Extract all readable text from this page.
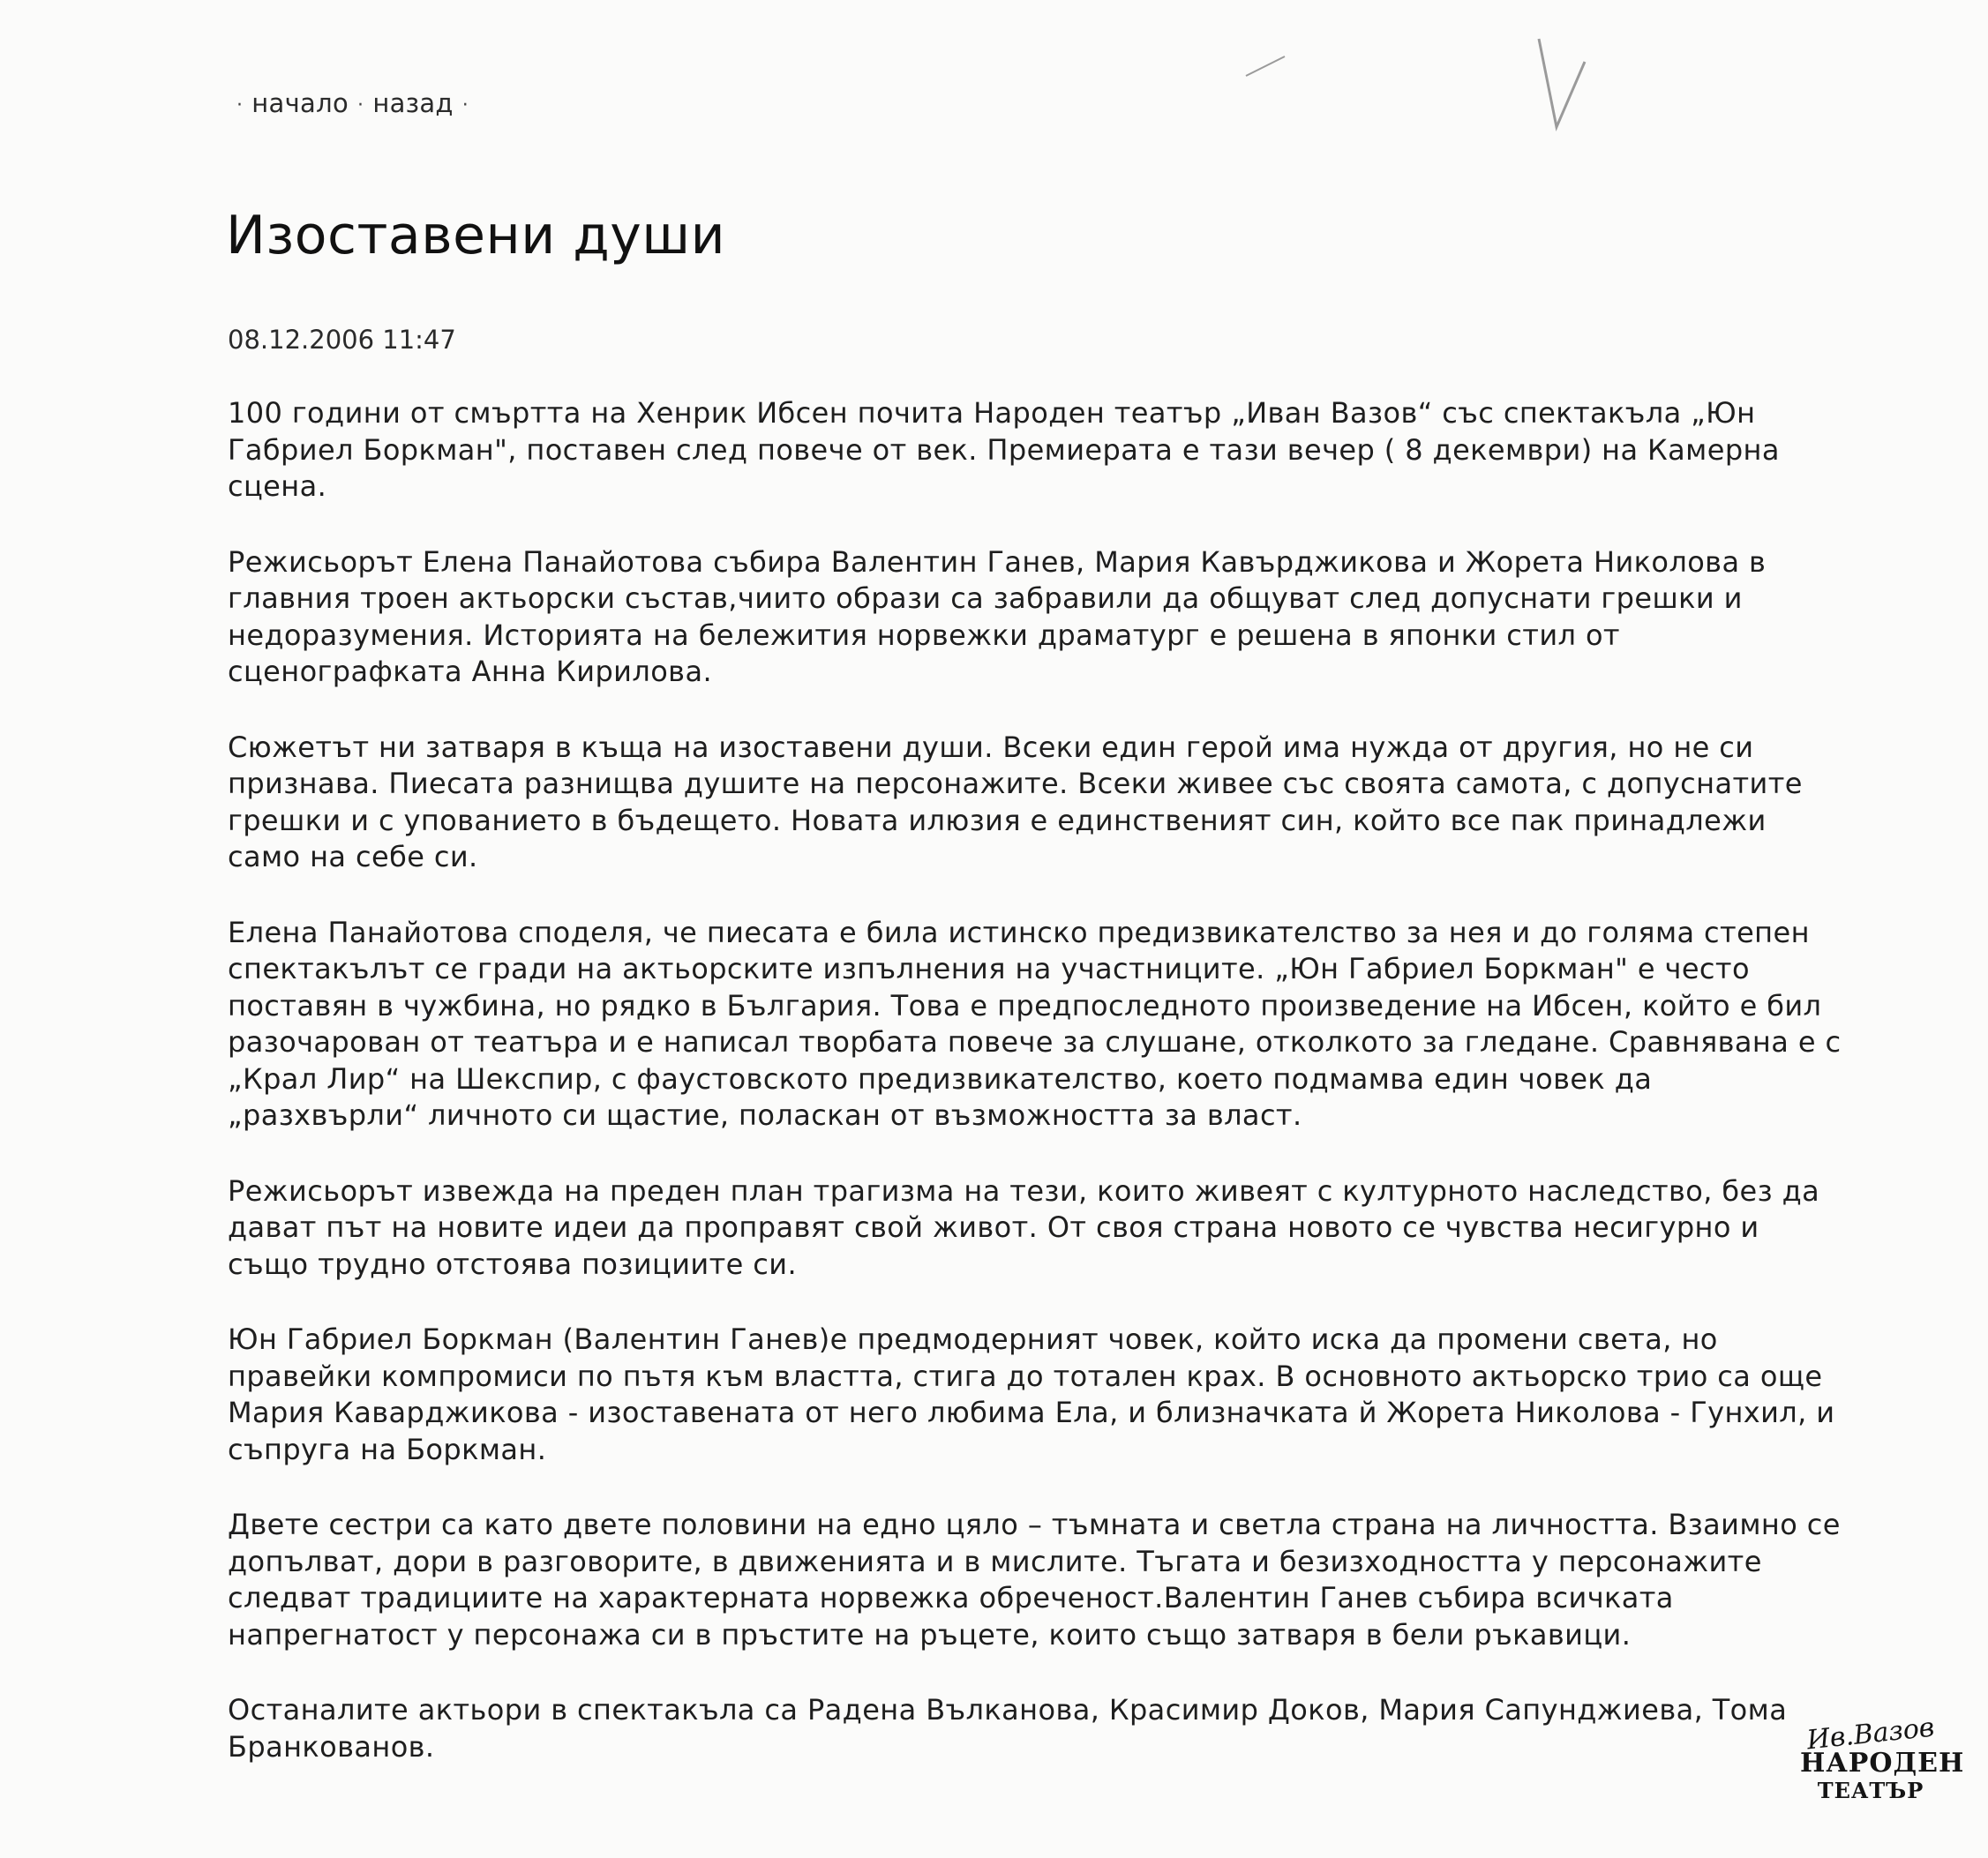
· начало · назад ·
Изоставени души
08.12.2006 11:47

100 години от смъртта на Хенрик Ибсен почита Народен театър „Иван Вазов“ със спектакъла „Юн Габриел Боркман", поставен след повече от век. Премиерата е тази вечер ( 8 декември) на Камерна сцена.

Режисьорът Елена Панайотова събира Валентин Ганев, Мария Кавърджикова и Жорета Николова в главния троен актьорски състав,чиито образи са забравили да общуват след допуснати грешки и недоразумения. Историята на бележития норвежки драматург е решена в японки стил от сценографката Анна Кирилова.

Сюжетът ни затваря в къща на изоставени души. Всеки един герой има нужда от другия, но не си признава. Пиесата разнищва душите на персонажите. Всеки живее със своята самота, с допуснатите грешки и с упованието в бъдещето. Новата илюзия е единственият син, който все пак принадлежи само на себе си.

Елена Панайотова споделя, че пиесата е била истинско предизвикателство за нея и до голяма степен спектакълът се гради на актьорските изпълнения на участниците. „Юн Габриел Боркман" е често поставян в чужбина, но рядко в България. Това е предпоследното произведение на Ибсен, който е бил разочарован от театъра и е написал творбата повече за слушане, отколкото за гледане. Сравнявана е с „Крал Лир“ на Шекспир, с фаустовското предизвикателство, което подмамва един човек да „разхвърли“ личното си щастие, поласкан от възможността за власт.

Режисьорът извежда на преден план трагизма на тези, които живеят с културното наследство, без да дават път на новите идеи да проправят свой живот. От своя страна новото се чувства несигурно и също трудно отстоява позициите си.

Юн Габриел Боркман (Валентин Ганев)е предмодерният човек, който иска да промени света, но правейки компромиси по пътя към властта, стига до тотален крах. В основното актьорско трио са още Мария Каварджикова - изоставената от него любима Ела, и близначката й Жорета Николова - Гунхил, и съпруга на Боркман.

Двете сестри са като двете половини на едно цяло – тъмната и светла страна на личността. Взаимно се допълват, дори в разговорите, в движенията и в мислите. Тъгата и безизходността у персонажите следват традициите на характерната норвежка обреченост.Валентин Ганев събира всичката напрегнатост у персонажа си в пръстите на ръцете, които също затваря в бели ръкавици.

Останалите актьори в спектакъла са Радена Вълканова, Красимир Доков, Мария Сапунджиева, Тома Бранкованов.	Ив.Вазов
НАРОДЕН
ТЕАТЪР
